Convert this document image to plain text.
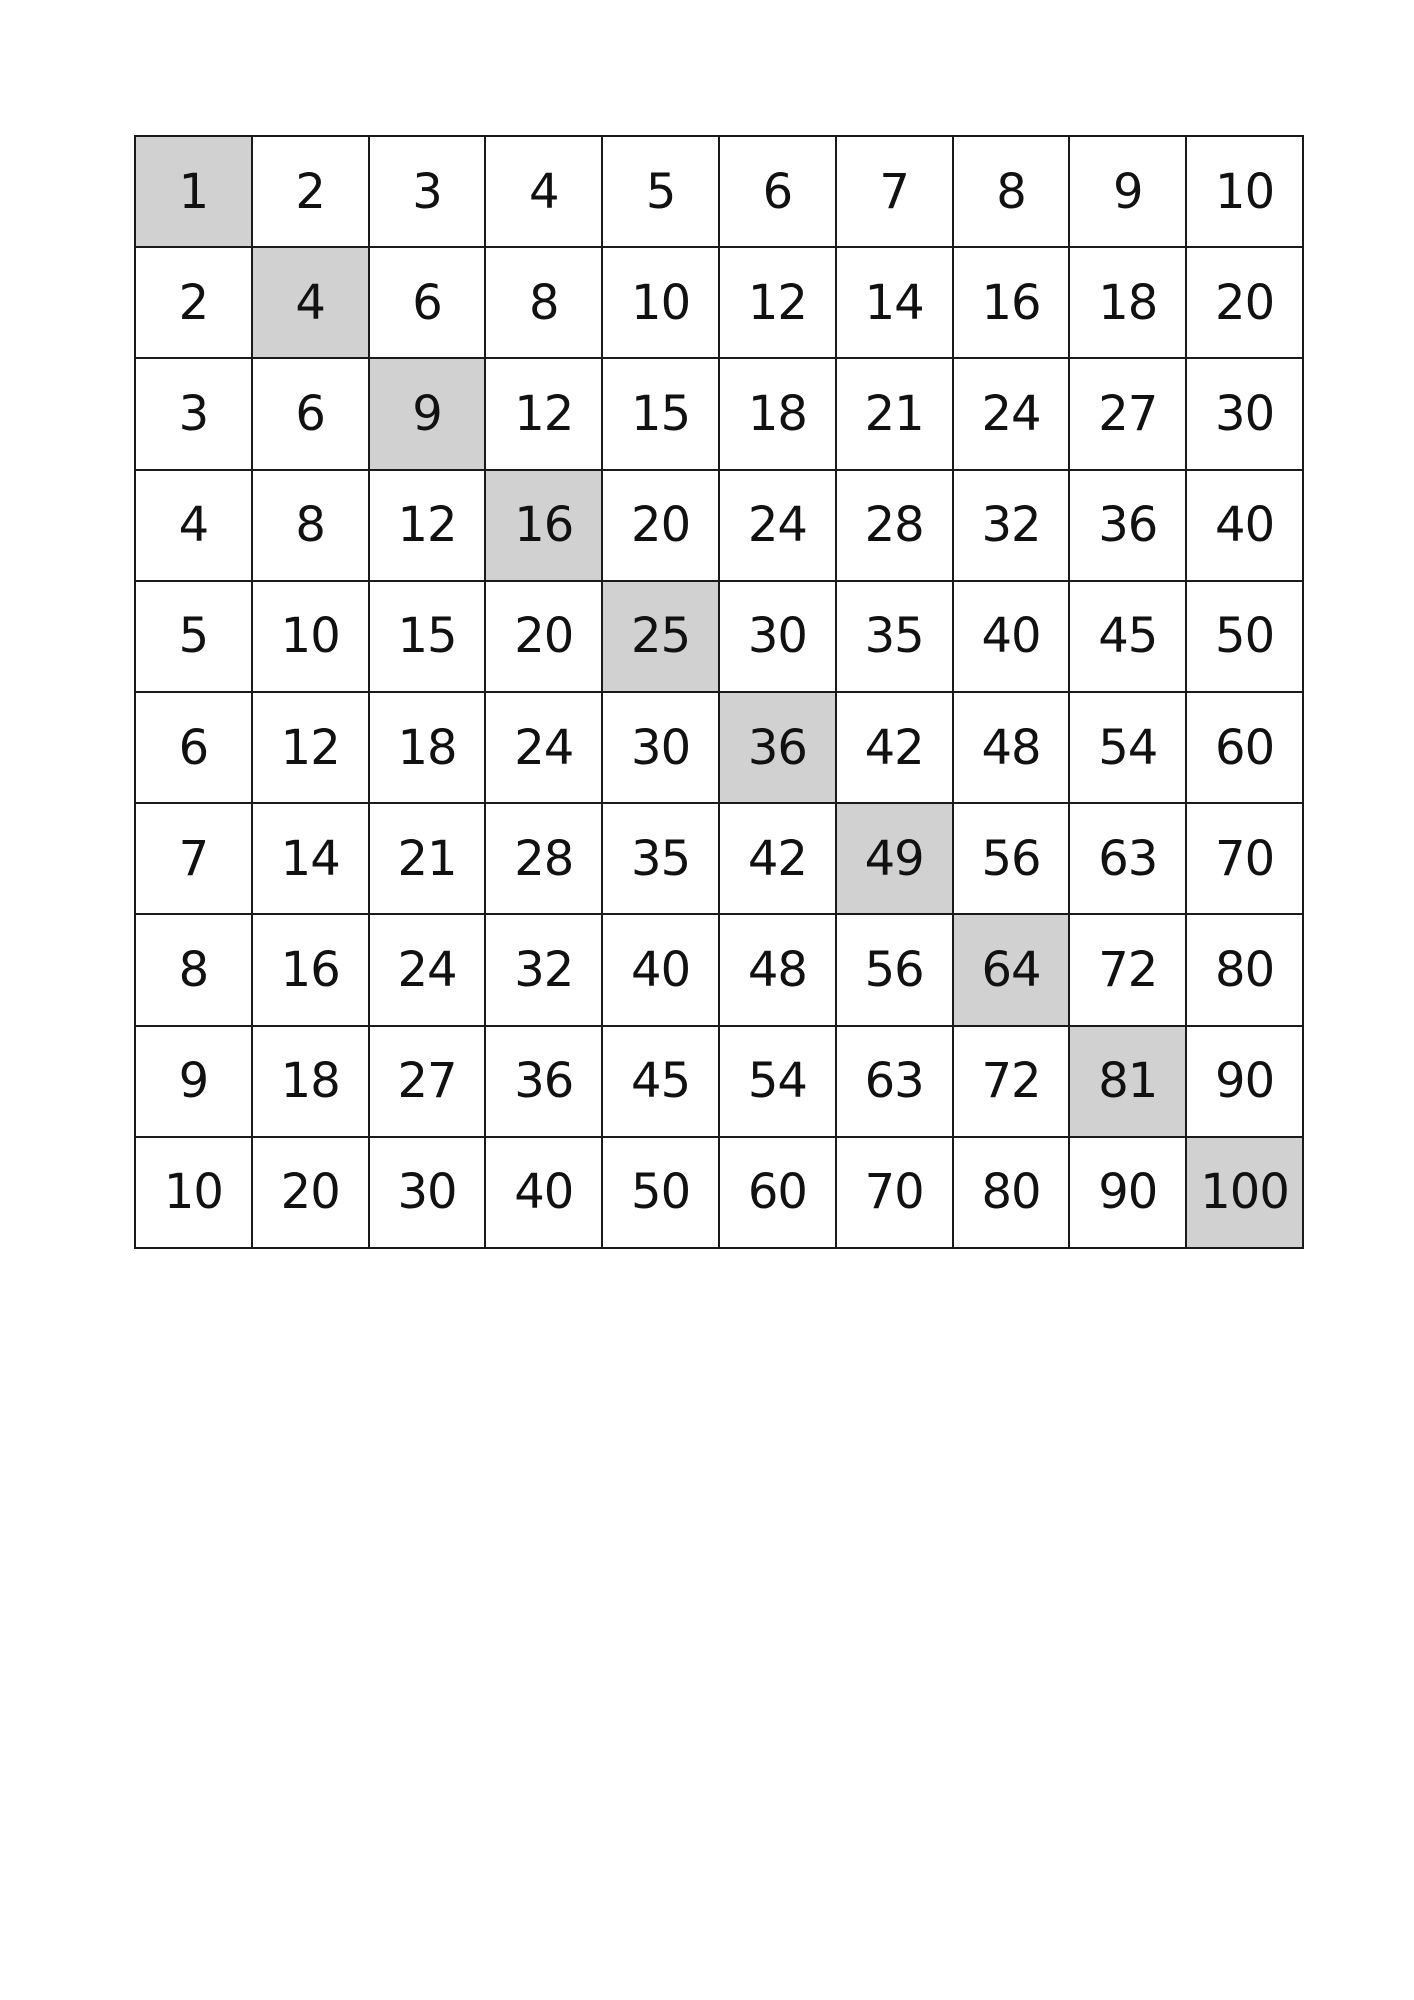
1	2	3	4	5	6	7	8	9	10
2	4	6	8	10	12	14	16	18	20
3	6	9	12	15	18	21	24	27	30
4	8	12	16	20	24	28	32	36	40
5	10	15	20	25	30	35	40	45	50
6	12	18	24	30	36	42	48	54	60
7	14	21	28	35	42	49	56	63	70
8	16	24	32	40	48	56	64	72	80
9	18	27	36	45	54	63	72	81	90
10	20	30	40	50	60	70	80	90	100
